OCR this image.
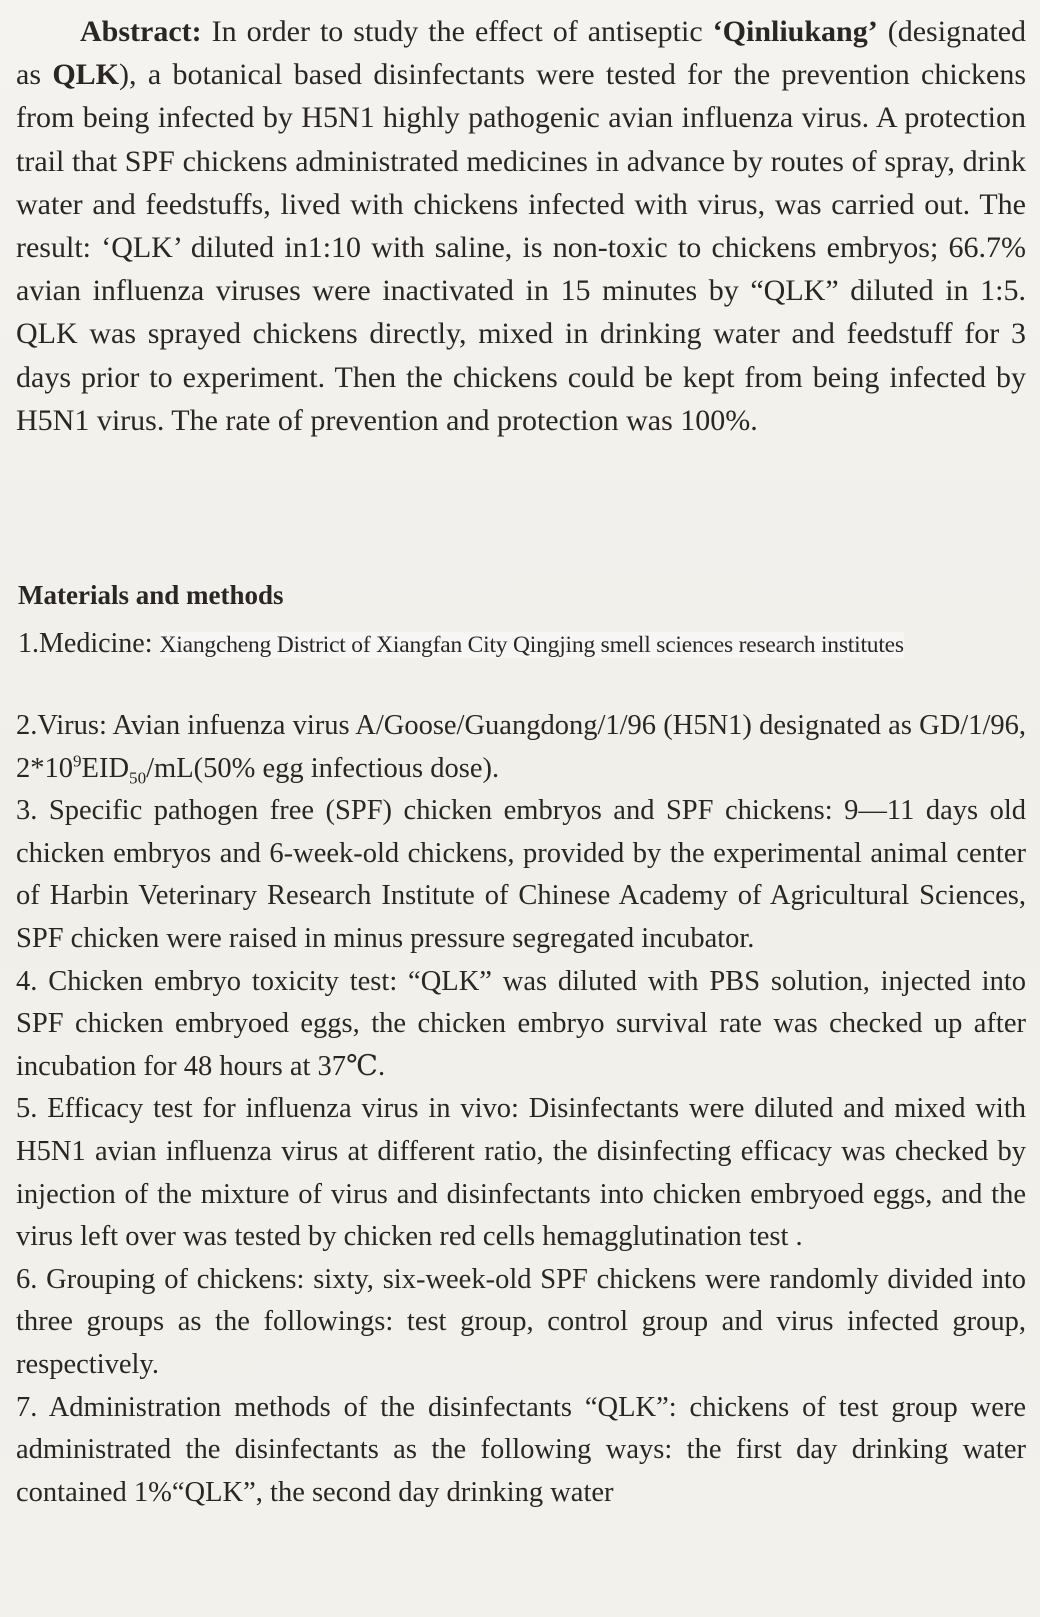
Abstract: In order to study the effect of antiseptic ‘Qinliukang’ (designated as QLK), a botanical based disinfectants were tested for the prevention chickens from being infected by H5N1 highly pathogenic avian influenza virus. A protection trail that SPF chickens administrated medicines in advance by routes of spray, drink water and feedstuffs, lived with chickens infected with virus, was carried out. The result: ‘QLK’ diluted in1:10 with saline, is non-toxic to chickens embryos; 66.7% avian influenza viruses were inactivated in 15 minutes by “QLK” diluted in 1:5. QLK was sprayed chickens directly, mixed in drinking water and feedstuff for 3 days prior to experiment. Then the chickens could be kept from being infected by H5N1 virus. The rate of prevention and protection was 100%.
Materials and methods
1.Medicine: Xiangcheng District of Xiangfan City Qingjing smell sciences research institutes

2.Virus: Avian infuenza virus A/Goose/Guangdong/1/96 (H5N1) designated as GD/1/96, $2*10^9EID_{50}/mL(50\%$ egg infectious dose).

3. Specific pathogen free (SPF) chicken embryos and SPF chickens: 9—11 days old chicken embryos and 6-week-old chickens, provided by the experimental animal center of Harbin Veterinary Research Institute of Chinese Academy of Agricultural Sciences, SPF chicken were raised in minus pressure segregated incubator.

4. Chicken embryo toxicity test: “QLK” was diluted with PBS solution, injected into SPF chicken embryoed eggs, the chicken embryo survival rate was checked up after incubation for 48 hours at 37℃.

5. Efficacy test for influenza virus in vivo: Disinfectants were diluted and mixed with H5N1 avian influenza virus at different ratio, the disinfecting efficacy was checked by injection of the mixture of virus and disinfectants into chicken embryoed eggs, and the virus left over was tested by chicken red cells hemagglutination test .

6. Grouping of chickens: sixty, six-week-old SPF chickens were randomly divided into three groups as the followings: test group, control group and virus infected group, respectively.

7. Administration methods of the disinfectants “QLK”: chickens of test group were administrated the disinfectants as the following ways: the first day drinking water contained 1%“QLK”, the second day drinking water
